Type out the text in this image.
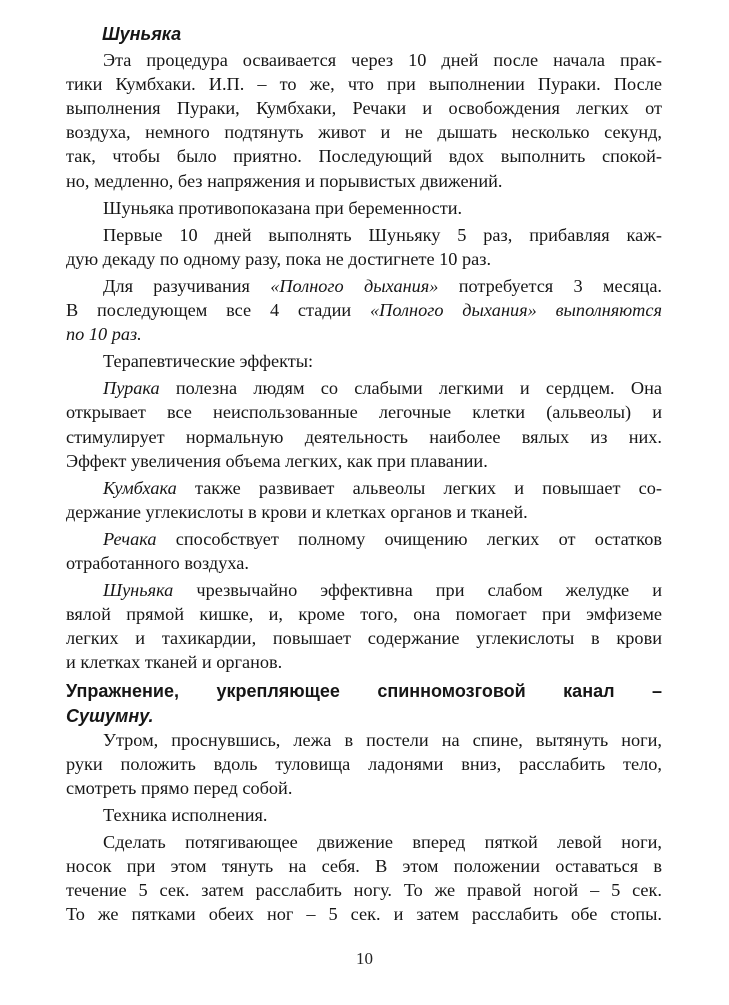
Шуньяка

Эта процедура осваивается через 10 дней после начала прак-

тики Кумбхаки. И.П. – то же, что при выполнении Пураки. После

выполнения Пураки, Кумбхаки, Речаки и освобождения легких от

воздуха, немного подтянуть живот и не дышать несколько секунд,

так, чтобы было приятно. Последующий вдох выполнить спокой-

но, медленно, без напряжения и порывистых движений.

Шуньяка противопоказана при беременности.

Первые 10 дней выполнять Шуньяку 5 раз, прибавляя каж-

дую декаду по одному разу, пока не достигнете 10 раз.

Для разучивания «Полного дыхания» потребуется 3 месяца.

В последующем все 4 стадии «Полного дыхания» выполняются

по 10 раз.

Терапевтические эффекты:

Пурака полезна людям со слабыми легкими и сердцем. Она

открывает все неиспользованные легочные клетки (альвеолы) и

стимулирует нормальную деятельность наиболее вялых из них.

Эффект увеличения объема легких, как при плавании.

Кумбхака также развивает альвеолы легких и повышает со-

держание углекислоты в крови и клетках органов и тканей.

Речака способствует полному очищению легких от остатков

отработанного воздуха.

Шуньяка чрезвычайно эффективна при слабом желудке и

вялой прямой кишке, и, кроме того, она помогает при эмфиземе

легких и тахикардии, повышает содержание углекислоты в крови

и клетках тканей и органов.

Упражнение, укрепляющее спинномозговой канал –

Сушумну.

Утром, проснувшись, лежа в постели на спине, вытянуть ноги,

руки положить вдоль туловища ладонями вниз, расслабить тело,

смотреть прямо перед собой.

Техника исполнения.

Сделать потягивающее движение вперед пяткой левой ноги,

носок при этом тянуть на себя. В этом положении оставаться в

течение 5 сек. затем расслабить ногу. То же правой ногой – 5 сек.

То же пятками обеих ног – 5 сек. и затем расслабить обе стопы.

10
